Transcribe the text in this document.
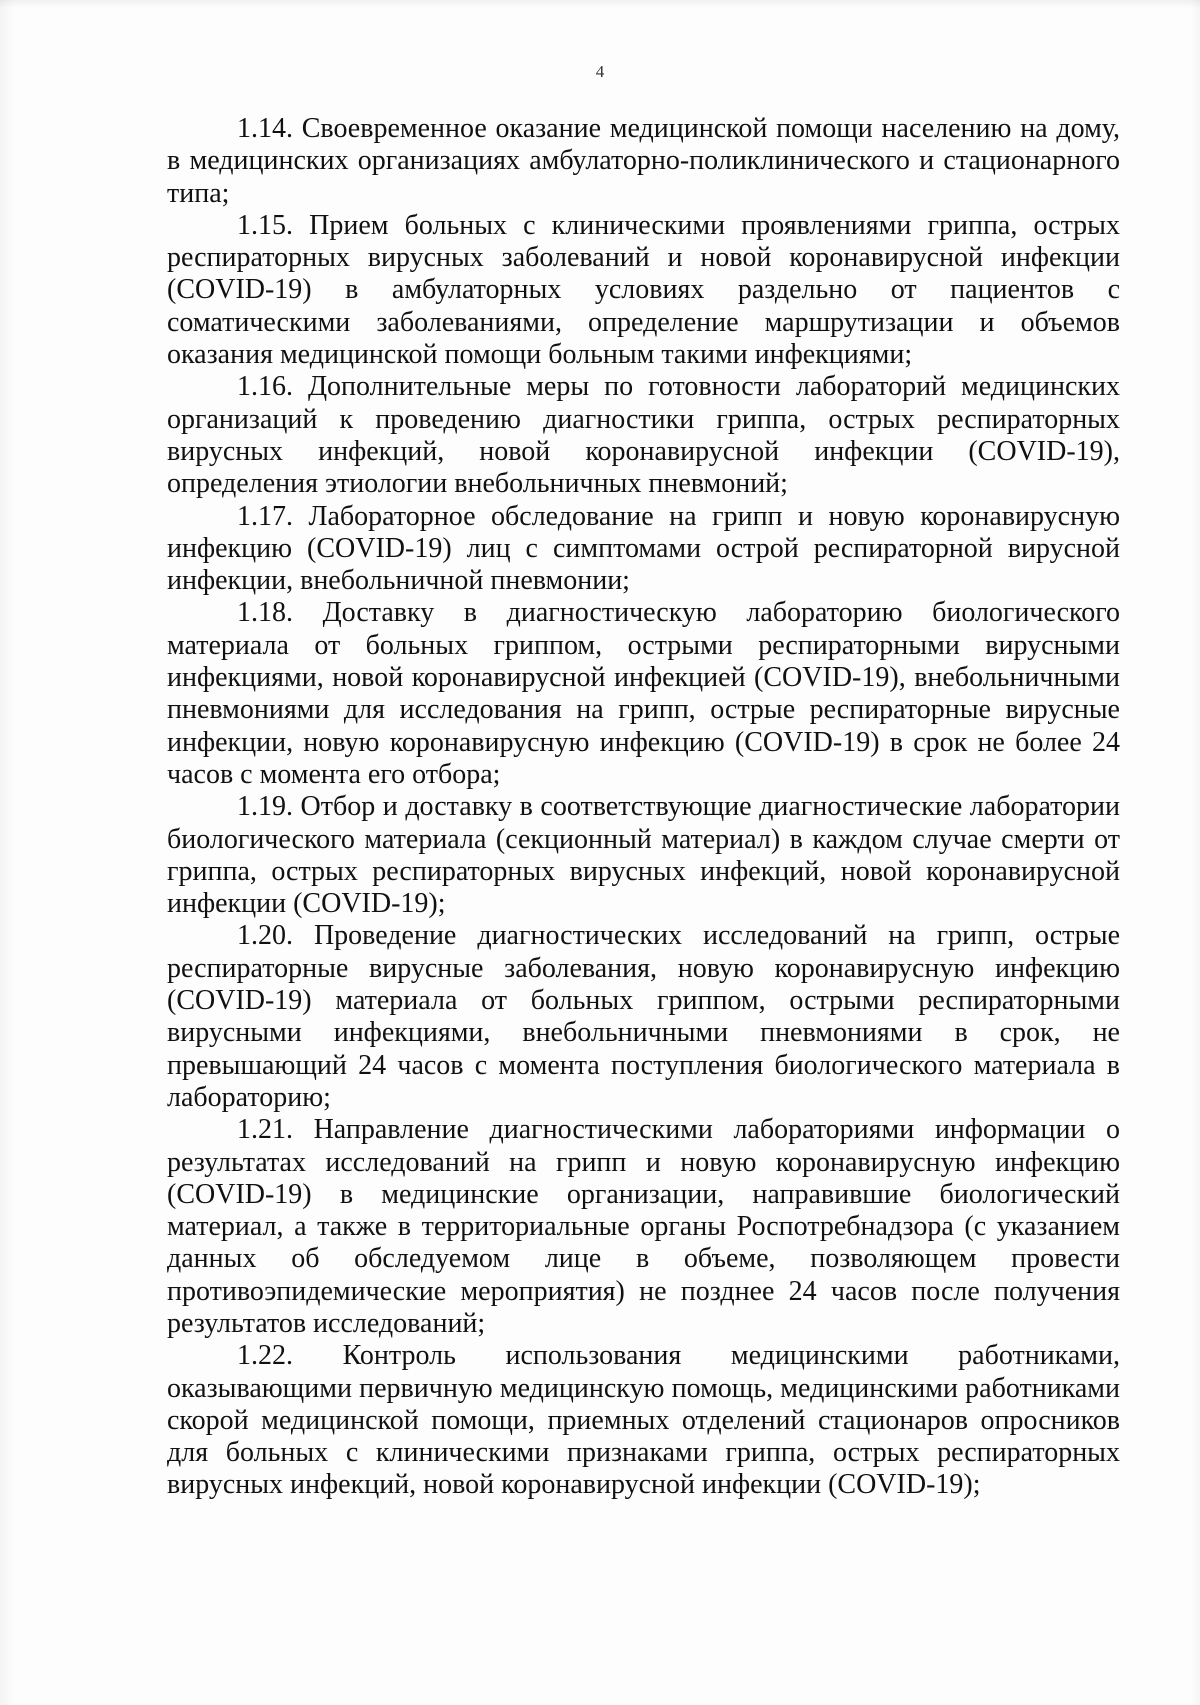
4

1.14. Своевременное оказание медицинской помощи населению на дому, в медицинских организациях амбулаторно-поликлинического и стационарного типа;

1.15. Прием больных с клиническими проявлениями гриппа, острых респираторных вирусных заболеваний и новой коронавирусной инфекции (COVID-19) в амбулаторных условиях раздельно от пациентов с соматическими заболеваниями, определение маршрутизации и объемов оказания медицинской помощи больным такими инфекциями;

1.16. Дополнительные меры по готовности лабораторий медицинских организаций к проведению диагностики гриппа, острых респираторных вирусных инфекций, новой коронавирусной инфекции (COVID-19), определения этиологии внебольничных пневмоний;

1.17. Лабораторное обследование на грипп и новую коронавирусную инфекцию (COVID-19) лиц с симптомами острой респираторной вирусной инфекции, внебольничной пневмонии;

1.18. Доставку в диагностическую лабораторию биологического материала от больных гриппом, острыми респираторными вирусными инфекциями, новой коронавирусной инфекцией (COVID-19), внебольничными пневмониями для исследования на грипп, острые респираторные вирусные инфекции, новую коронавирусную инфекцию (COVID-19) в срок не более 24 часов с момента его отбора;

1.19. Отбор и доставку в соответствующие диагностические лаборатории биологического материала (секционный материал) в каждом случае смерти от гриппа, острых респираторных вирусных инфекций, новой коронавирусной инфекции (COVID-19);

1.20. Проведение диагностических исследований на грипп, острые респираторные вирусные заболевания, новую коронавирусную инфекцию (COVID-19) материала от больных гриппом, острыми респираторными вирусными инфекциями, внебольничными пневмониями в срок, не превышающий 24 часов с момента поступления биологического материала в лабораторию;

1.21. Направление диагностическими лабораториями информации о результатах исследований на грипп и новую коронавирусную инфекцию (COVID-19) в медицинские организации, направившие биологический материал, а также в территориальные органы Роспотребнадзора (с указанием данных об обследуемом лице в объеме, позволяющем провести противоэпидемические мероприятия) не позднее 24 часов после получения результатов исследований;

1.22. Контроль использования медицинскими работниками, оказывающими первичную медицинскую помощь, медицинскими работниками скорой медицинской помощи, приемных отделений стационаров опросников для больных с клиническими признаками гриппа, острых респираторных вирусных инфекций, новой коронавирусной инфекции (COVID-19);
